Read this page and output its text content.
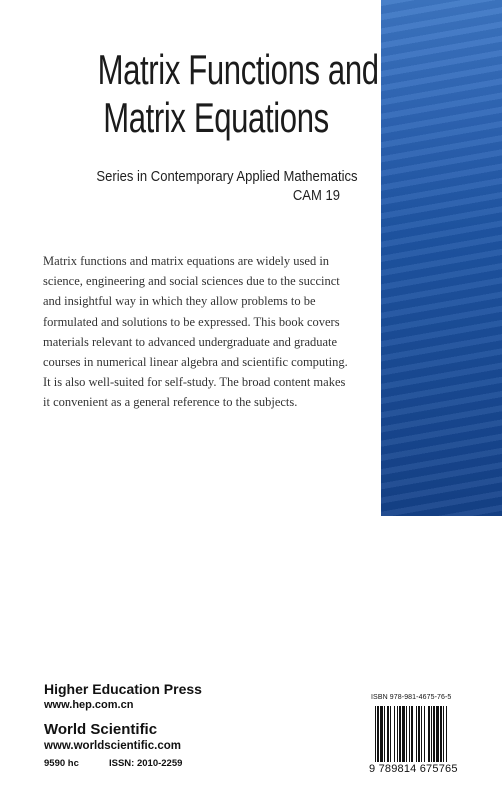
Matrix Functions and
Matrix Equations
Series in Contemporary Applied Mathematics
CAM 19
Matrix functions and matrix equations are widely used in
science, engineering and social sciences due to the succinct
and insightful way in which they allow problems to be
formulated and solutions to be expressed. This book covers
materials relevant to advanced undergraduate and graduate
courses in numerical linear algebra and scientific computing.
It is also well-suited for self-study. The broad content makes
it convenient as a general reference to the subjects.
Higher Education Press
www.hep.com.cn
World Scientific
www.worldscientific.com
9590 hc	ISSN: 2010-2259
ISBN 978-981-4675-76-5
9 789814 675765
